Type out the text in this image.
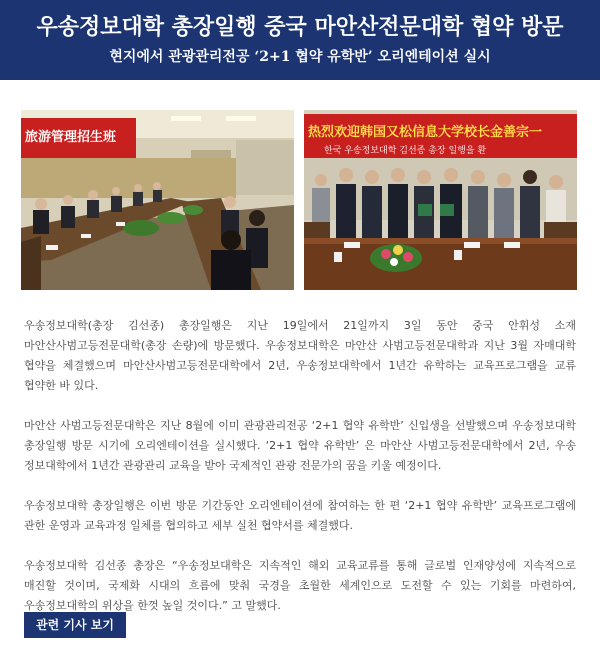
우송정보대학 총장일행 중국 마안산전문대학 협약 방문
현지에서 관광관리전공 ‘2+1 협약 유학반’ 오리엔테이션 실시
旅游管理招生班	热烈欢迎韩国又松信息大学校长金善宗一
한국 우송정보대학 김선종 총장 일행을 환

우송정보대학(총장 김선종) 총장일행은 지난 19일에서 21일까지 3일 동안 중국 안휘성 소재 마안산사범고등전문대학(총장 손량)에 방문했다. 우송정보대학은 마안산 사범고등전문대학과 지난 3월 자매대학 협약을 체결했으며 마안산사범고등전문대학에서 2년, 우송정보대학에서 1년간 유학하는 교육프로그램을 교류 협약한 바 있다.

마안산 사범고등전문대학은 지난 8월에 이미 관광관리전공 ‘2+1 협약 유학반’ 신입생을 선발했으며 우송정보대학 총장일행 방문 시기에 오리엔테이션을 실시했다. ‘2+1 협약 유학반’ 은 마안산 사범고등전문대학에서 2년, 우송 정보대학에서 1년간 관광관리 교육을 받아 국제적인 관광 전문가의 꿈을 키울 예정이다.

우송정보대학 총장일행은 이번 방문 기간동안 오리엔테이션에 참여하는 한 편 ‘2+1 협약 유학반’ 교육프로그램에 관한 운영과 교육과정 일체를 협의하고 세부 실천 협약서를 체결했다.

우송정보대학 김선종 총장은 “우송정보대학은 지속적인 해외 교육교류를 통해 글로벌 인재양성에 지속적으로 매진할 것이며, 국제화 시대의 흐름에 맞춰 국경을 초월한 세계인으로 도전할 수 있는 기회를 마련하여, 우송정보대학의 위상을 한껏 높일 것이다.” 고 말했다.

관련 기사 보기
